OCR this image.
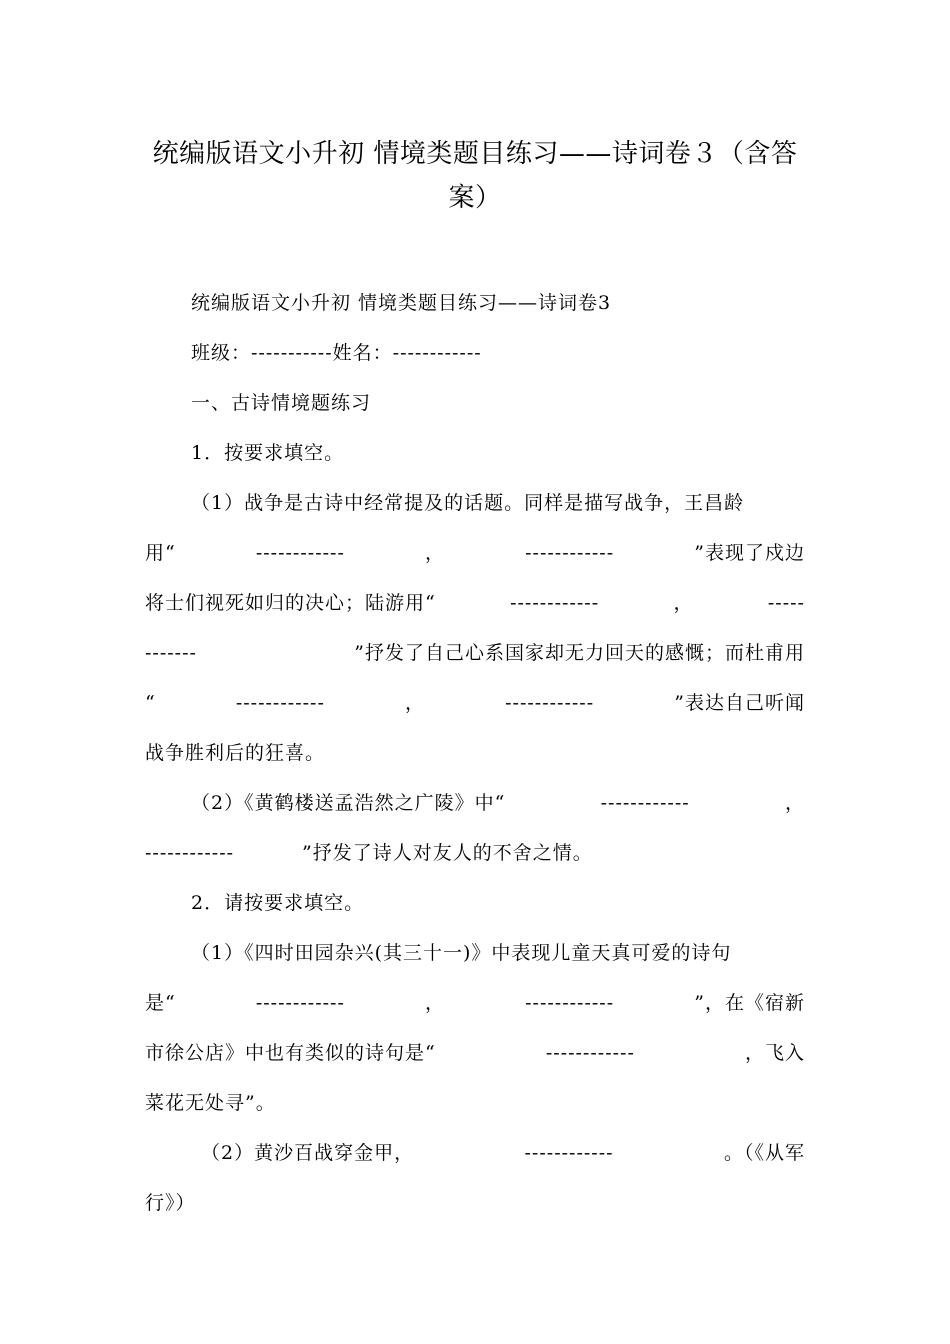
统编版语文小升初 情境类题目练习——诗词卷３（含答案）
统编版语文小升初 情境类题目练习——诗词卷3
班级：-----------姓名：------------
一、古诗情境题练习
1．按要求填空。
（1）战争是古诗中经常提及的话题。同样是描写战争，王昌龄
用“	------------	，	------------	”表现了戍边
将士们视死如归的决心；陆游用“	------------	，	-----
-------	”抒发了自己心系国家却无力回天的感慨；而杜甫用
“	------------	，	------------	”表达自己听闻
战争胜利后的狂喜。
（2）《黄鹤楼送孟浩然之广陵》中“	------------	，
------------	”抒发了诗人对友人的不舍之情。
2．请按要求填空。
（1）《四时田园杂兴(其三十一)》中表现儿童天真可爱的诗句
是“	------------	，	------------	”，在《宿新
市徐公店》中也有类似的诗句是“	------------	，飞入
菜花无处寻”。
（2）黄沙百战穿金甲，	------------	。（《从军
行》）
